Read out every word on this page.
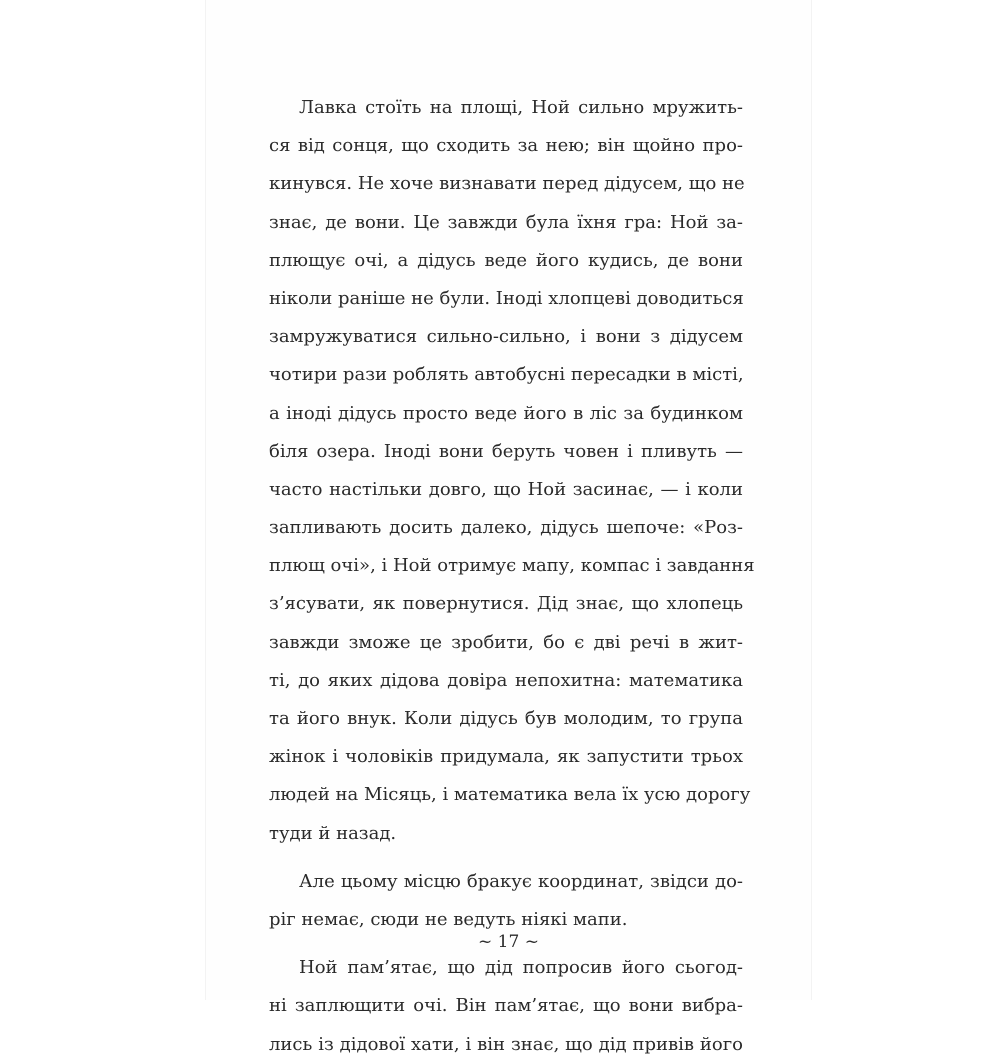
Лавка стоїть на площі, Ной сильно мружить-
ся від сонця, що сходить за нею; він щойно про-
кинувся. Не хоче визнавати перед дідусем, що не
знає, де вони. Це завжди була їхня гра: Ной за-
плющує очі, а дідусь веде його кудись, де вони
ніколи раніше не були. Іноді хлопцеві доводиться
замружуватися сильно-сильно, і вони з дідусем
чотири рази роблять автобусні пересадки в місті,
а іноді дідусь просто веде його в ліс за будинком
біля озера. Іноді вони беруть човен і пливуть —
часто настільки довго, що Ной засинає, — і коли
запливають досить далеко, дідусь шепоче: «Роз-
плющ очі», і Ной отримує мапу, компас і завдання
з’ясувати, як повернутися. Дід знає, що хлопець
завжди зможе це зробити, бо є дві речі в жит-
ті, до яких дідова довіра непохитна: математика
та його внук. Коли дідусь був молодим, то група
жінок і чоловіків придумала, як запустити трьох
людей на Місяць, і математика вела їх усю дорогу
туди й назад.
Але цьому місцю бракує координат, звідси до-
ріг немає, сюди не ведуть ніякі мапи.
Ной пам’ятає, що дід попросив його сьогод-
ні заплющити очі. Він пам’ятає, що вони вибра-
лись із дідової хати, і він знає, що дід привів його
~ 17 ~
